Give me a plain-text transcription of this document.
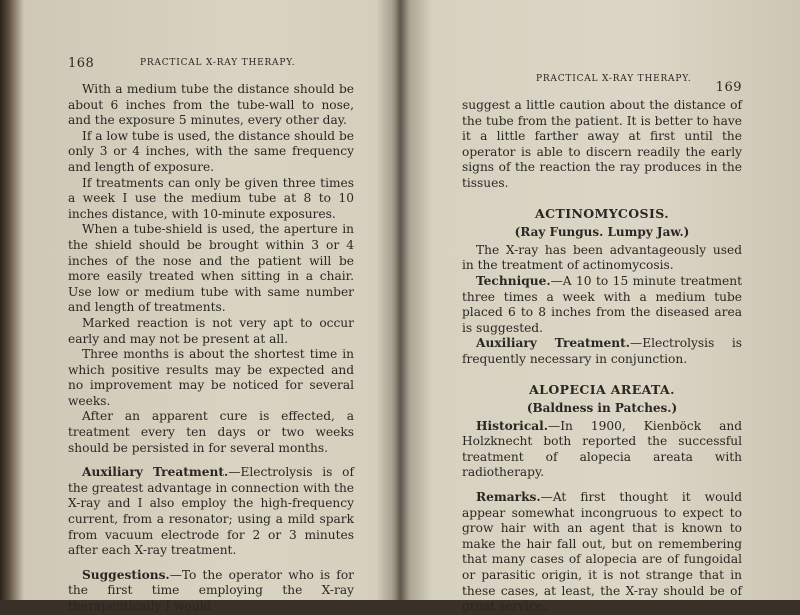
168	PRACTICAL X-RAY THERAPY.

With a medium tube the distance should be about 6 inches from the tube-wall to nose, and the exposure 5 minutes, every other day.

If a low tube is used, the distance should be only 3 or 4 inches, with the same frequency and length of exposure.

If treatments can only be given three times a week I use the medium tube at 8 to 10 inches distance, with 10-minute exposures.

When a tube-shield is used, the aperture in the shield should be brought within 3 or 4 inches of the nose and the patient will be more easily treated when sitting in a chair. Use low or medium tube with same number and length of treatments.

Marked reaction is not very apt to occur early and may not be present at all.

Three months is about the shortest time in which positive results may be expected and no improvement may be noticed for several weeks.

After an apparent cure is effected, a treatment every ten days or two weeks should be persisted in for several months.

Auxiliary Treatment.—Electrolysis is of the greatest advantage in connection with the X-ray and I also employ the high-frequency current, from a resonator; using a mild spark from vacuum electrode for 2 or 3 minutes after each X-ray treatment.

Suggestions.—To the operator who is for the first time employing the X-ray therapeutically I would

PRACTICAL X-RAY THERAPY.
169

suggest a little caution about the distance of the tube from the patient. It is better to have it a little farther away at first until the operator is able to discern readily the early signs of the reaction the ray produces in the tissues.

ACTINOMYCOSIS.
(Ray Fungus. Lumpy Jaw.)

The X-ray has been advantageously used in the treatment of actinomycosis.

Technique.—A 10 to 15 minute treatment three times a week with a medium tube placed 6 to 8 inches from the diseased area is suggested.

Auxiliary Treatment.—Electrolysis is frequently necessary in conjunction.

ALOPECIA AREATA.
(Baldness in Patches.)

Historical.—In 1900, Kienböck and Holzknecht both reported the successful treatment of alopecia areata with radiotherapy.

Remarks.—At first thought it would appear somewhat incongruous to expect to grow hair with an agent that is known to make the hair fall out, but on remembering that many cases of alopecia are of fungoidal or parasitic origin, it is not strange that in these cases, at least, the X-ray should be of great service.
